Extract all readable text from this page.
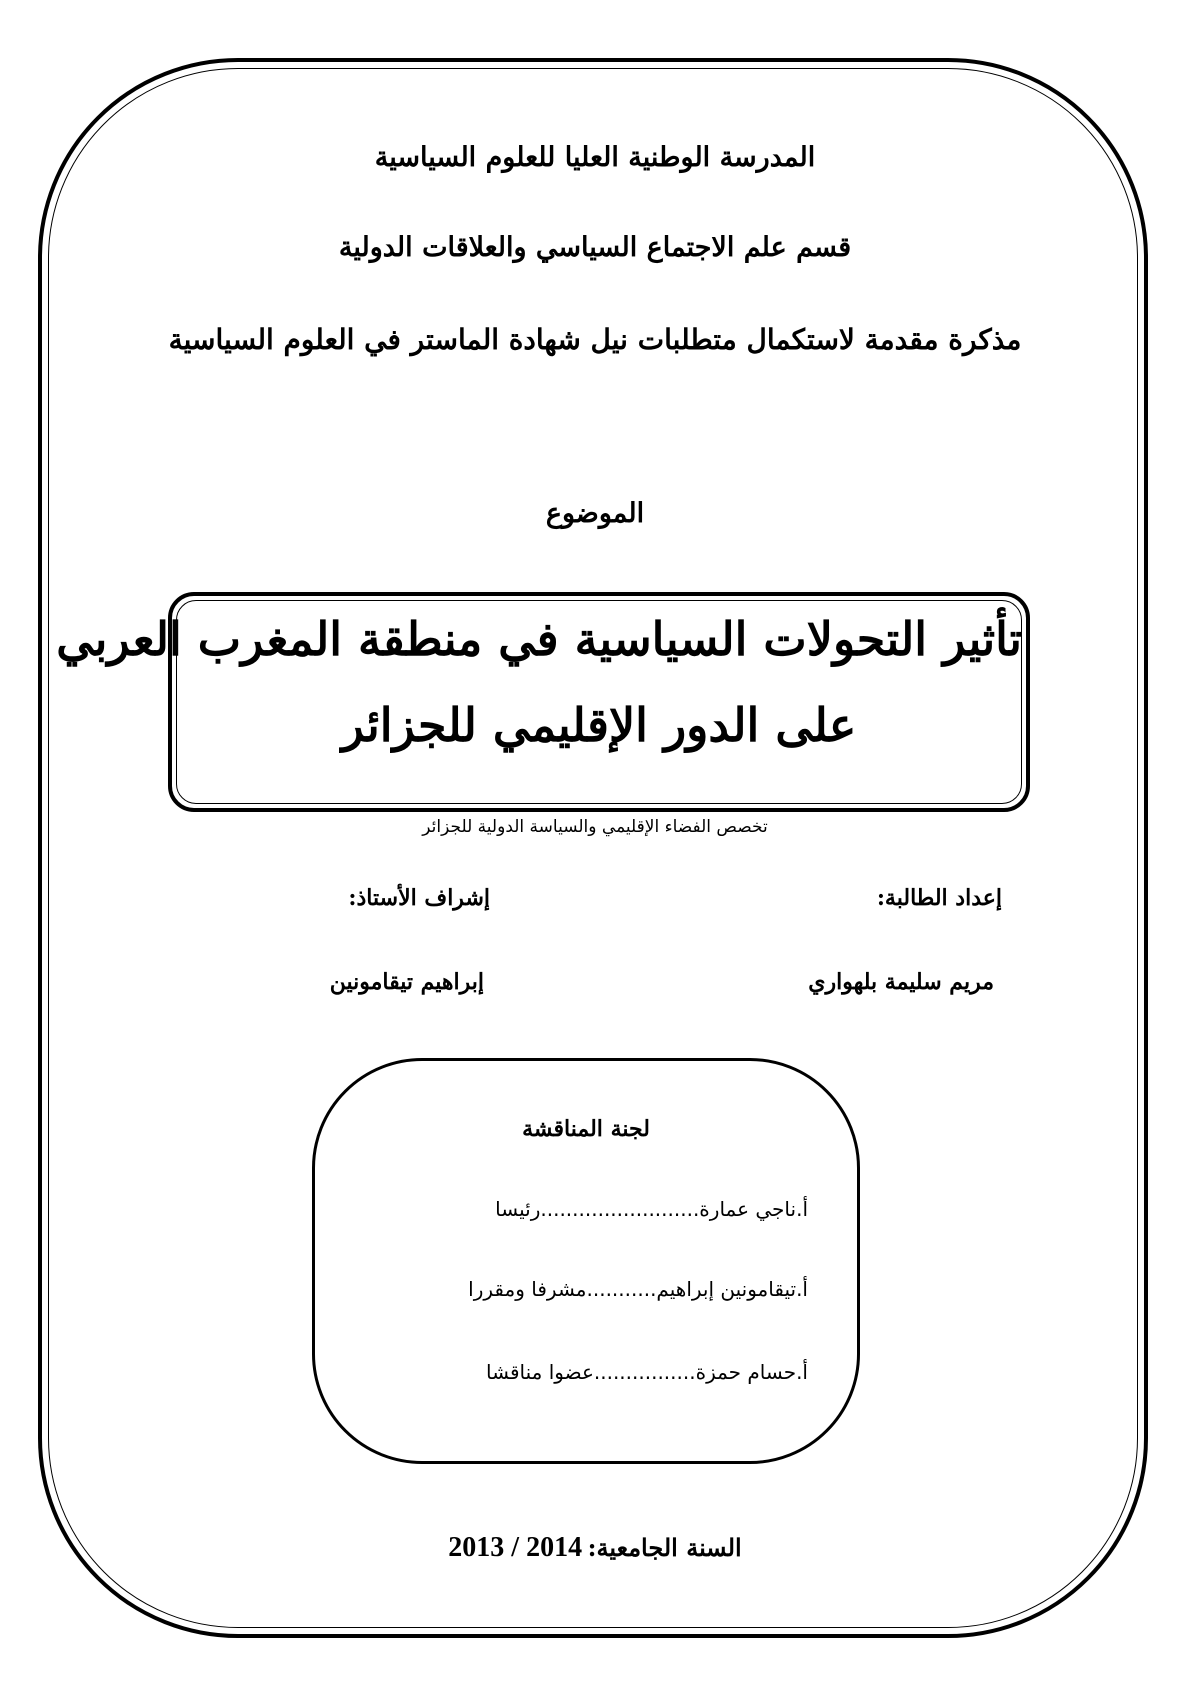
المدرسة الوطنية العليا للعلوم السياسية
قسم علم الاجتماع السياسي والعلاقات الدولية
مذكرة مقدمة لاستكمال متطلبات نيل شهادة الماستر في العلوم السياسية
الموضوع
تأثير التحولات السياسية في منطقة المغرب العربي
على الدور الإقليمي للجزائر
تخصص الفضاء الإقليمي والسياسة الدولية للجزائر
إعداد الطالبة:
إشراف الأستاذ:
مريم سليمة بلهواري
إبراهيم تيقامونين
لجنة المناقشة
أ.ناجي عمارة.........................رئيسا
أ.تيقامونين إبراهيم...........مشرفا ومقررا
أ.حسام حمزة................عضوا مناقشا
السنة الجامعية: 2013 / 2014
